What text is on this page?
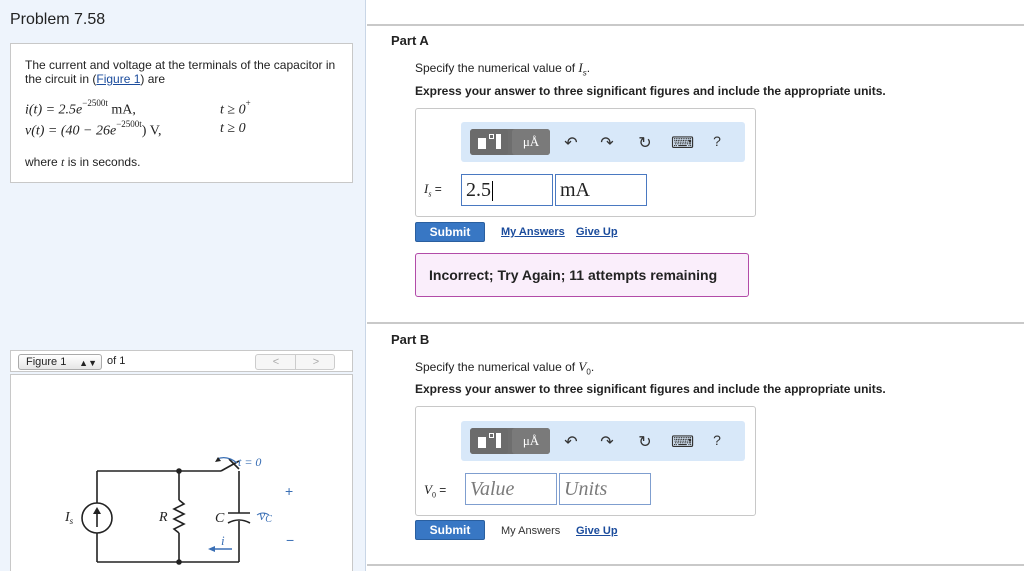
Problem 7.58
The current and voltage at the terminals of the capacitor in the circuit in (Figure 1) are
$i(t) = 2.5e^{-2500t}$ mA,	t ≥ 0+
$v(t) = (40 - 26e^{-2500t})$ V,	t ≥ 0
where t is in seconds.
Figure 1 ▲▼ of 1	<	>
$I_s$	R	C
t = 0
vC
i
+
−
Part A
Specify the numerical value of $I_s$.
Express your answer to three significant figures and include the appropriate units.
μÅ	↶ ↷ ↻ ⌨	?
$I_s = 2.5$	mA
Submit	My Answers Give Up
Incorrect; Try Again; 11 attempts remaining
Part B
Specify the numerical value of $V_0$.
Express your answer to three significant figures and include the appropriate units.
μÅ	↶ ↷ ↻ ⌨	?
$V_0$ = Value	Units
Submit	My Answers Give Up
